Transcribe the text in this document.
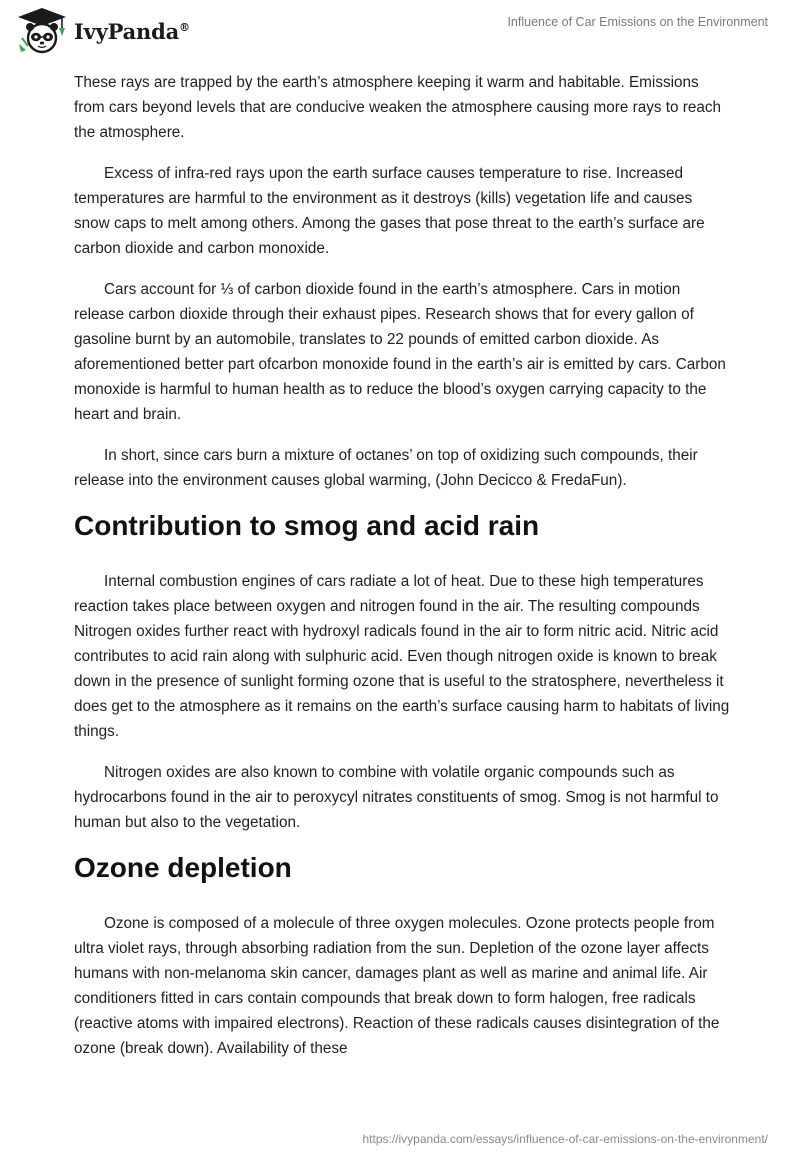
IvyPanda®	Influence of Car Emissions on the Environment

These rays are trapped by the earth’s atmosphere keeping it warm and habitable. Emissions from cars beyond levels that are conducive weaken the atmosphere causing more rays to reach the atmosphere.

Excess of infra-red rays upon the earth surface causes temperature to rise. Increased temperatures are harmful to the environment as it destroys (kills) vegetation life and causes snow caps to melt among others. Among the gases that pose threat to the earth’s surface are carbon dioxide and carbon monoxide.

Cars account for ⅓ of carbon dioxide found in the earth’s atmosphere. Cars in motion release carbon dioxide through their exhaust pipes. Research shows that for every gallon of gasoline burnt by an automobile, translates to 22 pounds of emitted carbon dioxide. As aforementioned better part ofcarbon monoxide found in the earth’s air is emitted by cars. Carbon monoxide is harmful to human health as to reduce the blood’s oxygen carrying capacity to the heart and brain.

In short, since cars burn a mixture of octanes’ on top of oxidizing such compounds, their release into the environment causes global warming, (John Decicco & FredaFun).

Contribution to smog and acid rain

Internal combustion engines of cars radiate a lot of heat. Due to these high temperatures reaction takes place between oxygen and nitrogen found in the air. The resulting compounds Nitrogen oxides further react with hydroxyl radicals found in the air to form nitric acid. Nitric acid contributes to acid rain along with sulphuric acid. Even though nitrogen oxide is known to break down in the presence of sunlight forming ozone that is useful to the stratosphere, nevertheless it does get to the atmosphere as it remains on the earth’s surface causing harm to habitats of living things.

Nitrogen oxides are also known to combine with volatile organic compounds such as hydrocarbons found in the air to peroxycyl nitrates constituents of smog. Smog is not harmful to human but also to the vegetation.

Ozone depletion

Ozone is composed of a molecule of three oxygen molecules. Ozone protects people from ultra violet rays, through absorbing radiation from the sun. Depletion of the ozone layer affects humans with non-melanoma skin cancer, damages plant as well as marine and animal life. Air conditioners fitted in cars contain compounds that break down to form halogen, free radicals (reactive atoms with impaired electrons). Reaction of these radicals causes disintegration of the ozone (break down). Availability of these

https://ivypanda.com/essays/influence-of-car-emissions-on-the-environment/
